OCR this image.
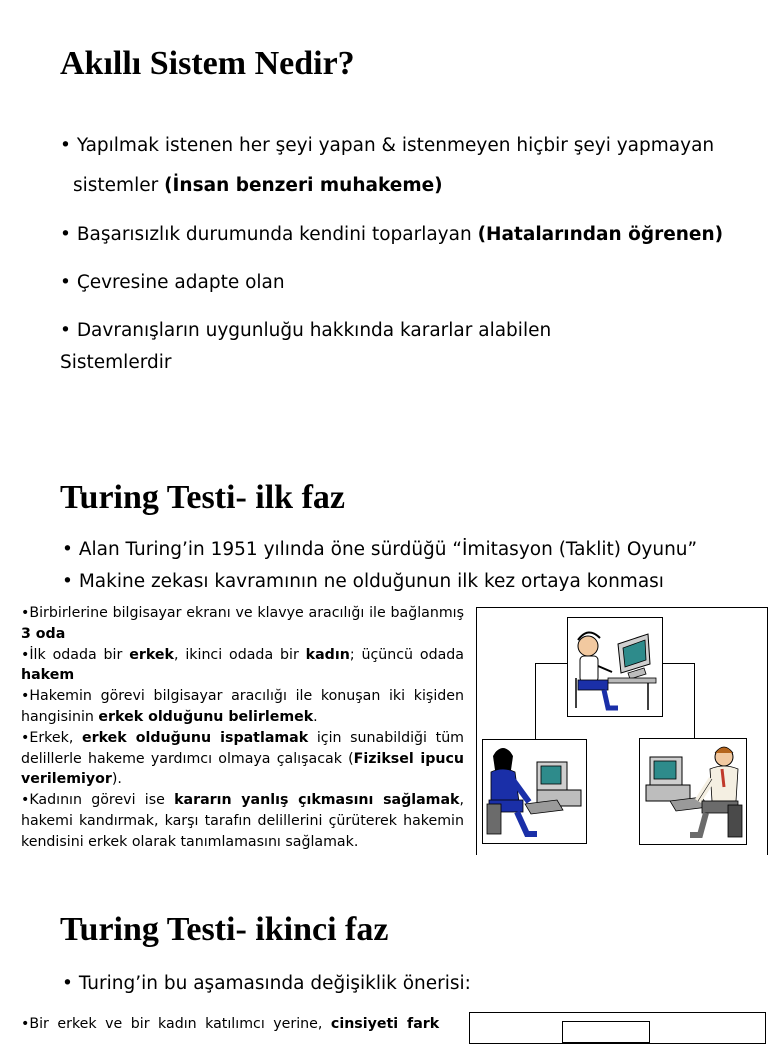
Akıllı Sistem Nedir?
• Yapılmak istenen her şeyi yapan & istenmeyen hiçbir şeyi yapmayan
sistemler (İnsan benzeri muhakeme)
• Başarısızlık durumunda kendini toparlayan (Hatalarından öğrenen)
• Çevresine adapte olan
• Davranışların uygunluğu hakkında kararlar alabilen
Sistemlerdir
Turing Testi- ilk faz
• Alan Turing’in 1951 yılında öne sürdüğü “İmitasyon (Taklit) Oyunu”
• Makine zekası kavramının ne olduğunun ilk kez ortaya konması

•Birbirlerine bilgisayar ekranı ve klavye aracılığı ile bağlanmış 3 oda

•İlk odada bir erkek, ikinci odada bir kadın; üçüncü odada hakem

•Hakemin görevi bilgisayar aracılığı ile konuşan iki kişiden hangisinin erkek olduğunu belirlemek.

•Erkek, erkek olduğunu ispatlamak için sunabildiği tüm delillerle hakeme yardımcı olmaya çalışacak (Fiziksel ipucu verilemiyor).

•Kadının görevi ise kararın yanlış çıkmasını sağlamak, hakemi kandırmak, karşı tarafın delillerini çürüterek hakemin kendisini erkek olarak tanımlamasını sağlamak.

Turing Testi- ikinci faz
• Turing’in bu aşamasında değişiklik önerisi:
•Bir erkek ve bir kadın katılımcı yerine, cinsiyeti fark
